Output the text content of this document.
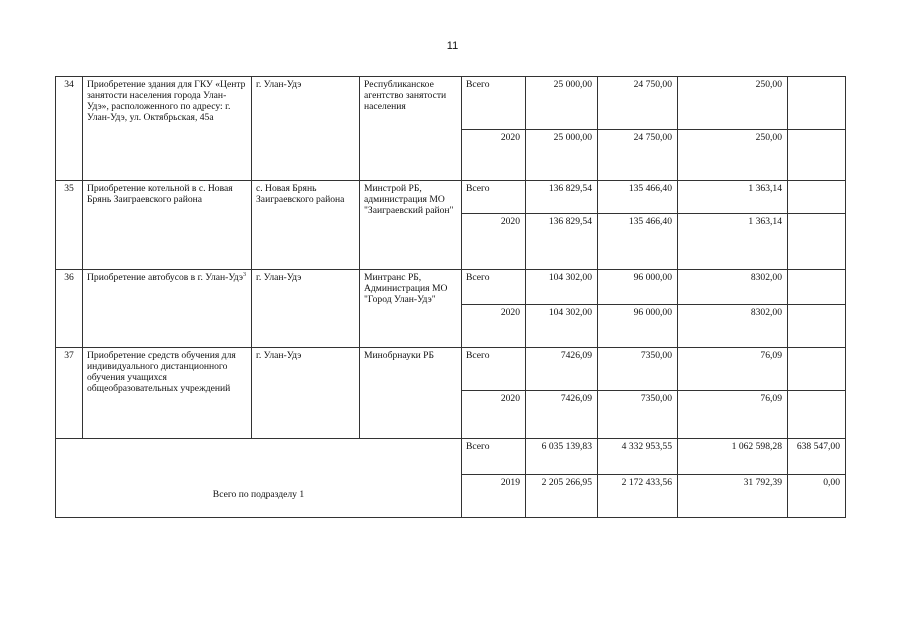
11
34	Приобретение здания для ГКУ «Центр занятости населения города Улан-Удэ», расположенного по адресу: г. Улан-Удэ, ул. Октябрьская, 45а	г. Улан-Удэ	Республиканское агентство занятости населения	Всего	25 000,00	24 750,00	250,00	
				2020	25 000,00	24 750,00	250,00	
35	Приобретение котельной в с. Новая Брянь Заиграевского района	с. Новая Брянь Заиграевского района	Минстрой РБ, администрация МО "Заиграевский район"	Всего	136 829,54	135 466,40	1 363,14	
				2020	136 829,54	135 466,40	1 363,14	
36	Приобретение автобусов в г. Улан-Удэ$^3$	г. Улан-Удэ	Минтранс РБ, Администрация МО "Город Улан-Удэ"	Всего	104 302,00	96 000,00	8302,00	
				2020	104 302,00	96 000,00	8302,00	
37	Приобретение средств обучения для индивидуального дистанционного обучения учащихся общеобразовательных учреждений	г. Улан-Удэ	Минобрнауки РБ	Всего	7426,09	7350,00	76,09	
				2020	7426,09	7350,00	76,09	
Всего по подразделу 1				Всего	6 035 139,83	4 332 953,55	1 062 598,28	638 547,00
				2019	2 205 266,95	2 172 433,56	31 792,39	0,00
